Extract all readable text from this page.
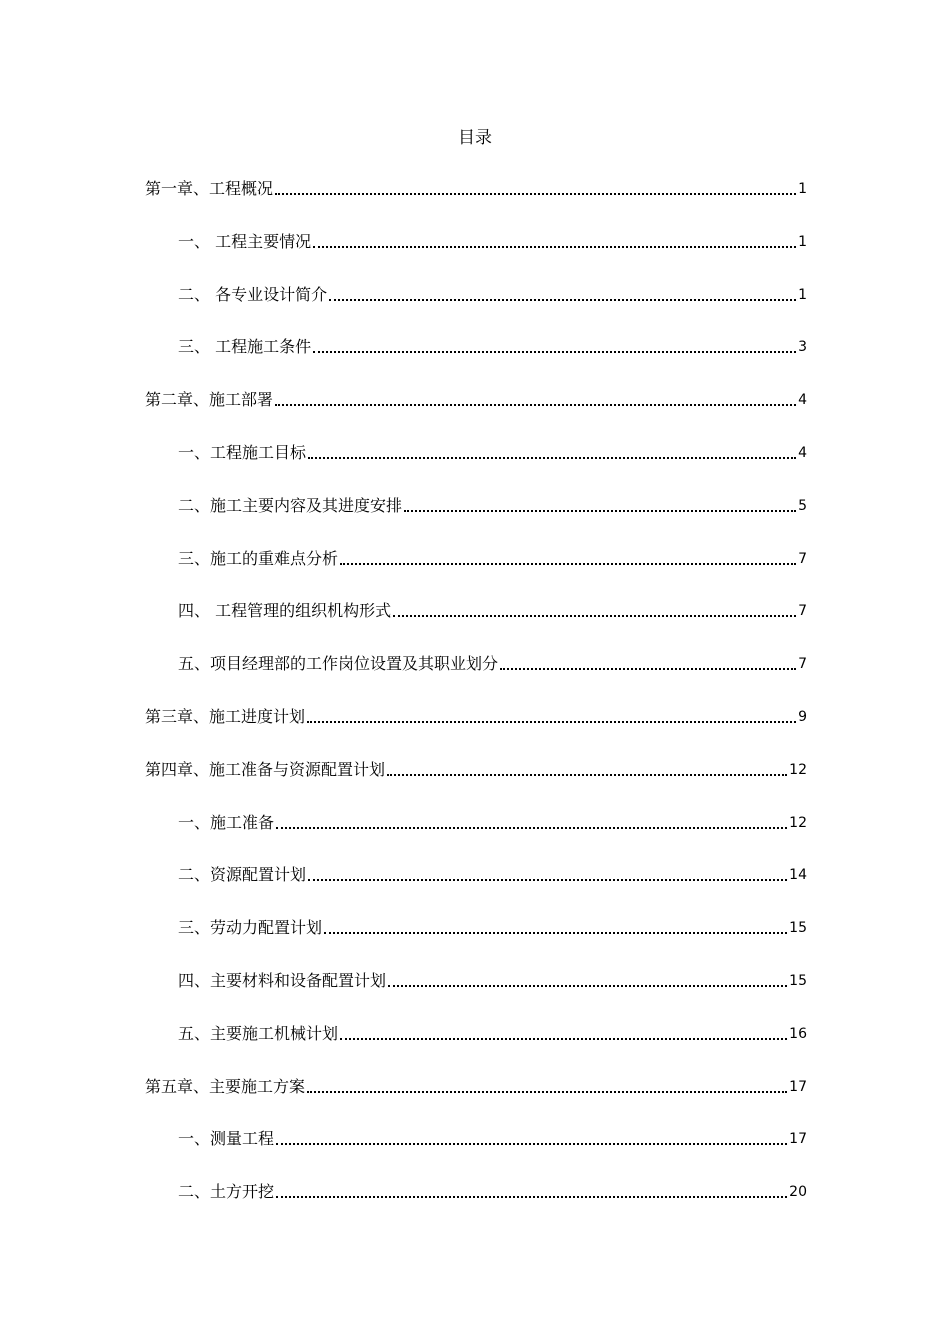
目录
第一章、工程概况	1
一、 工程主要情况	1
二、 各专业设计简介	1
三、 工程施工条件	3
第二章、施工部署	4
一、工程施工目标	4
二、施工主要内容及其进度安排	5
三、施工的重难点分析	7
四、 工程管理的组织机构形式	7
五、项目经理部的工作岗位设置及其职业划分	7
第三章、施工进度计划	9
第四章、施工准备与资源配置计划	12
一、施工准备	12
二、资源配置计划	14
三、劳动力配置计划	15
四、主要材料和设备配置计划	15
五、主要施工机械计划	16
第五章、主要施工方案	17
一、测量工程	17
二、土方开挖	20
